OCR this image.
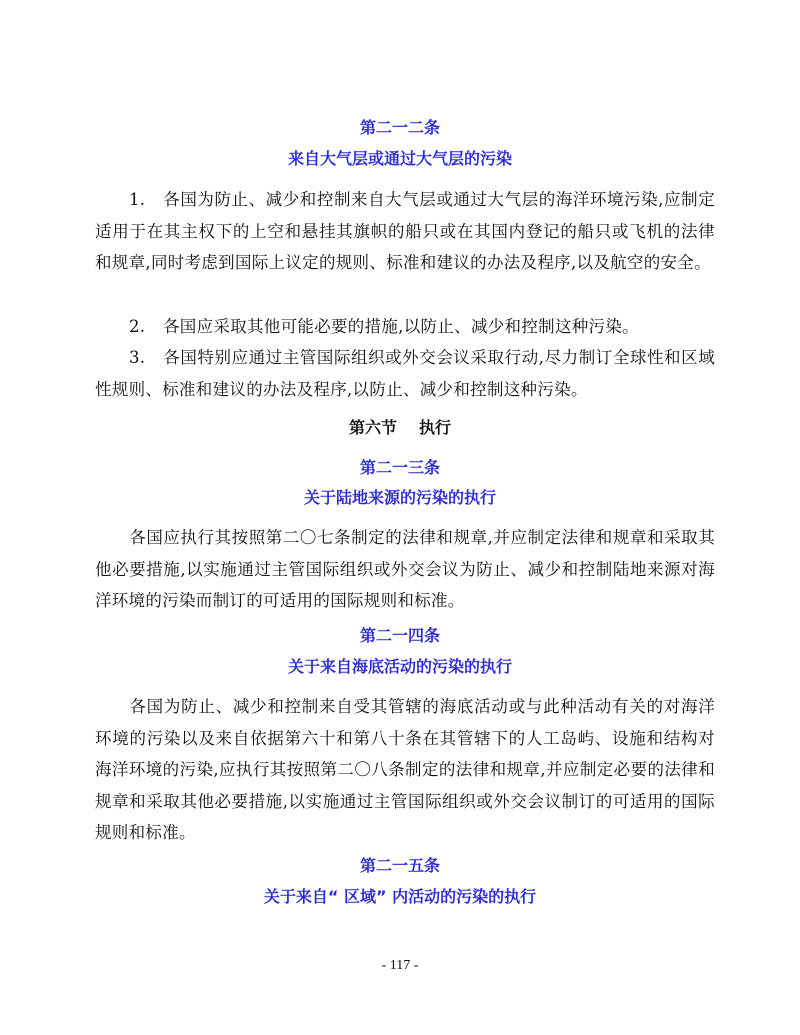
第二一二条
来自大气层或通过大气层的污染

1. 各国为防止、减少和控制来自大气层或通过大气层的海洋环境污染,应制定适用于在其主权下的上空和悬挂其旗帜的船只或在其国内登记的船只或飞机的法律和规章,同时考虑到国际上议定的规则、标准和建议的办法及程序,以及航空的安全。

2. 各国应采取其他可能必要的措施,以防止、减少和控制这种污染。

3. 各国特别应通过主管国际组织或外交会议采取行动,尽力制订全球性和区域性规则、标准和建议的办法及程序,以防止、减少和控制这种污染。

第六节 执行
第二一三条
关于陆地来源的污染的执行

各国应执行其按照第二〇七条制定的法律和规章,并应制定法律和规章和采取其他必要措施,以实施通过主管国际组织或外交会议为防止、减少和控制陆地来源对海洋环境的污染而制订的可适用的国际规则和标准。

第二一四条
关于来自海底活动的污染的执行

各国为防止、减少和控制来自受其管辖的海底活动或与此种活动有关的对海洋环境的污染以及来自依据第六十和第八十条在其管辖下的人工岛屿、设施和结构对海洋环境的污染,应执行其按照第二〇八条制定的法律和规章,并应制定必要的法律和规章和采取其他必要措施,以实施通过主管国际组织或外交会议制订的可适用的国际规则和标准。

第二一五条
关于来自“ 区域” 内活动的污染的执行
- 117 -
